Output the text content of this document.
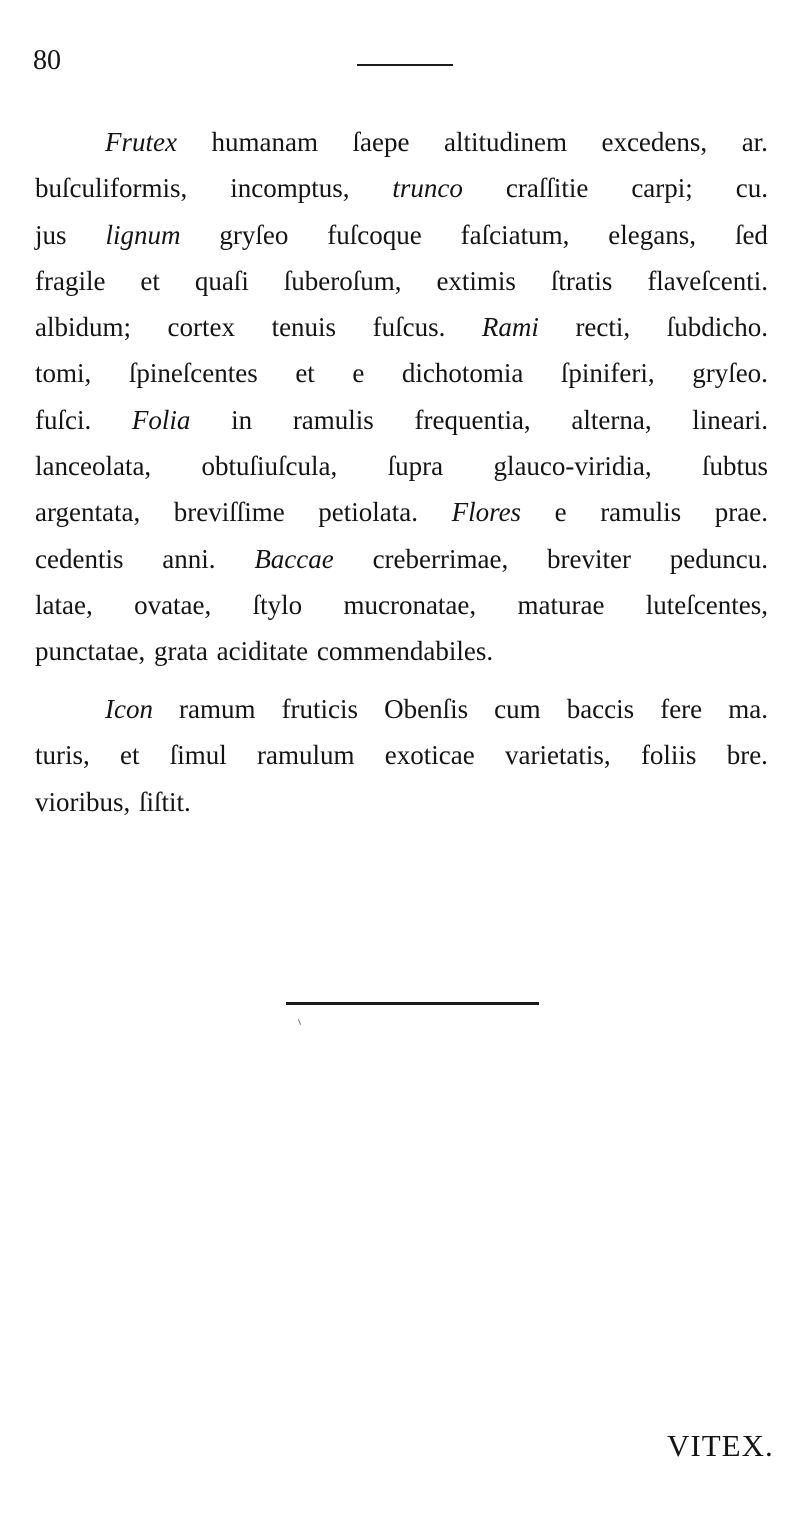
80
Frutex humanam ſaepe altitudinem excedens, ar.
buſculiformis, incomptus, trunco craſſitie carpi; cu.
jus lignum gryſeo fuſcoque faſciatum, elegans, ſed
fragile et quaſi ſuberoſum, extimis ſtratis flaveſcenti.
albidum; cortex tenuis fuſcus. Rami recti, ſubdicho.
tomi, ſpineſcentes et e dichotomia ſpiniferi, gryſeo.
fuſci. Folia in ramulis frequentia, alterna, lineari.
lanceolata, obtuſiuſcula, ſupra glauco-viridia, ſubtus
argentata, breviſſime petiolata. Flores e ramulis prae.
cedentis anni. Baccae creberrimae, breviter peduncu.
latae, ovatae, ſtylo mucronatae, maturae luteſcentes,
punctatae,
grata
aciditate
commendabiles.
Icon ramum fruticis Obenſis cum baccis fere ma.
turis, et ſimul ramulum exoticae varietatis, foliis bre.
vioribus,
ſiſtit.
VITEX.
